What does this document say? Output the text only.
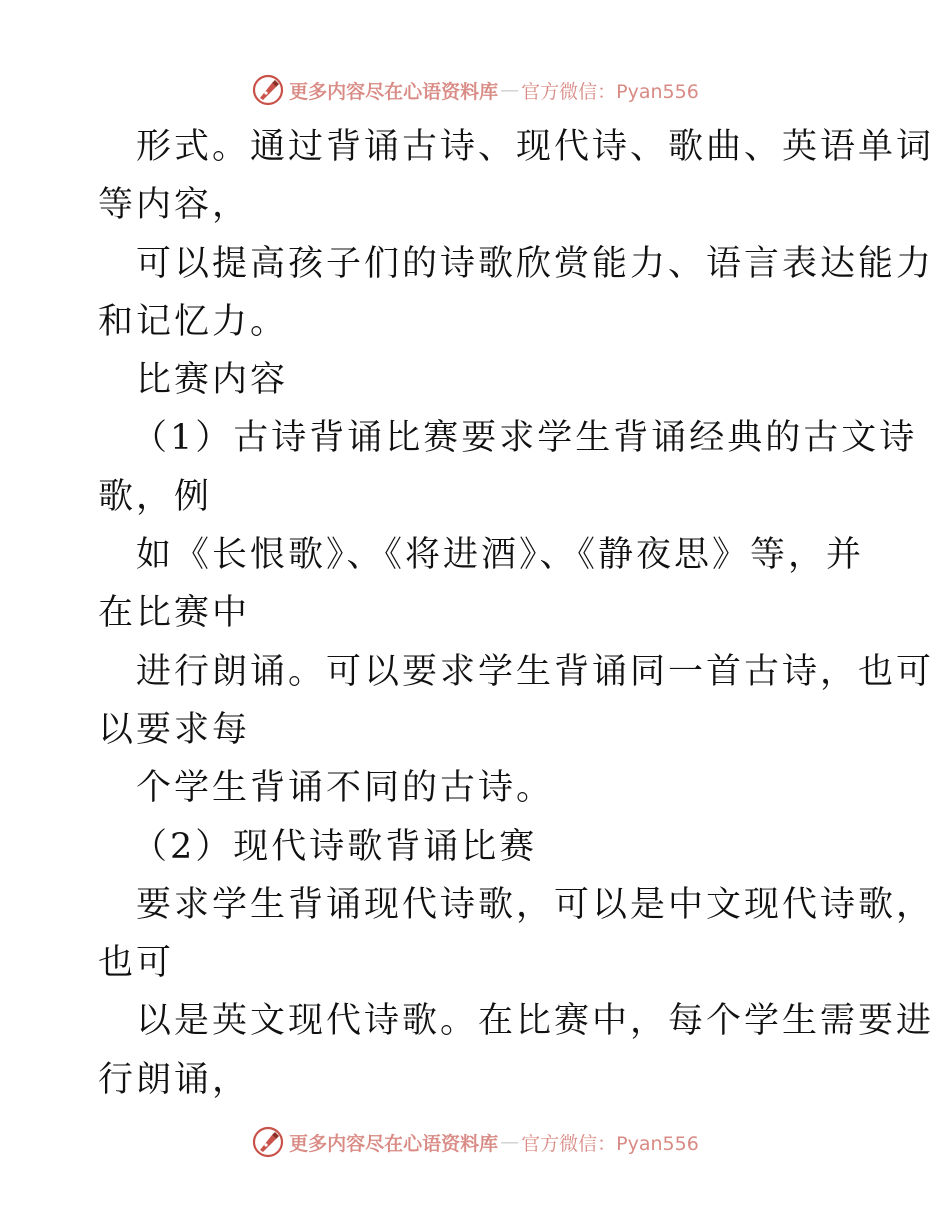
更多内容尽在心语资料库 — 官方微信：Pyan556
形式。通过背诵古诗、现代诗、歌曲、英语单词
等内容，
可以提高孩子们的诗歌欣赏能力、语言表达能力
和记忆力。
比赛内容
（1）古诗背诵比赛要求学生背诵经典的古文诗
歌，例
如《长恨歌》、《将进酒》、《静夜思》等，并
在比赛中
进行朗诵。可以要求学生背诵同一首古诗，也可
以要求每
个学生背诵不同的古诗。
（2）现代诗歌背诵比赛
要求学生背诵现代诗歌，可以是中文现代诗歌，
也可
以是英文现代诗歌。在比赛中，每个学生需要进
行朗诵，
更多内容尽在心语资料库 — 官方微信：Pyan556
